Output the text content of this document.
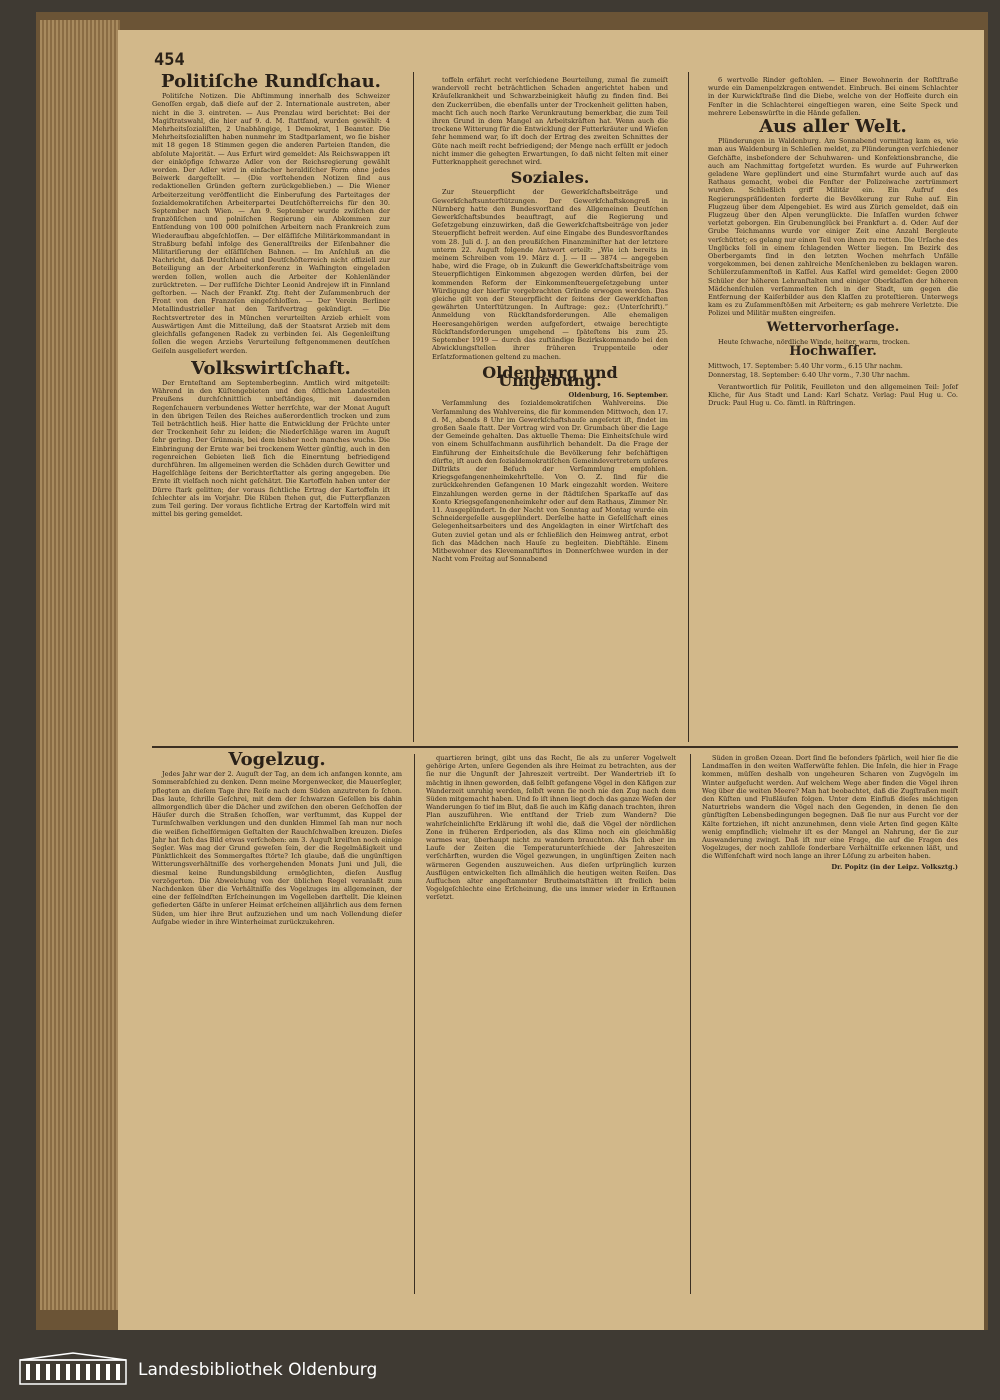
454
Politiſche Rundſchau.

Politiſche Notizen. Die Abſtimmung innerhalb des Schweizer Genoſſen ergab, daß dieſe auf der 2. Internationale austreten, aber nicht in die 3. eintreten. — Aus Prenzlau wird berichtet: Bei der Magiſtratswahl, die hier auf 9. d. M. ſtattfand, wurden gewählt: 4 Mehrheitsſozialiſten, 2 Unabhängige, 1 Demokrat, 1 Beamter. Die Mehrheitsſozialiſten haben nunmehr im Stadtparlament, wo ſie bisher mit 18 gegen 18 Stimmen gegen die anderen Parteien ſtanden, die abſolute Majorität. — Aus Erfurt wird gemeldet: Als Reichswappen iſt der einköpfige ſchwarze Adler von der Reichsregierung gewählt worden. Der Adler wird in einfacher heraldiſcher Form ohne jedes Beiwerk dargeſtellt. — (Die vorſtehenden Notizen ſind aus redaktionellen Gründen geſtern zurückgeblieben.) — Die Wiener Arbeiterzeitung veröffentlicht die Einberufung des Parteitages der ſozialdemokratiſchen Arbeiterpartei Deutſchöſterreichs für den 30. September nach Wien. — Am 9. September wurde zwiſchen der franzöſiſchen und polniſchen Regierung ein Abkommen zur Entſendung von 100 000 polniſchen Arbeitern nach Frankreich zum Wiederaufbau abgeſchloſſen. — Der elſäſſiſche Militärkommandant in Straßburg befahl infolge des Generalſtreiks der Eiſenbahner die Militariſierung der elſäſſiſchen Bahnen. — Im Anſchluß an die Nachricht, daß Deutſchland und Deutſchöſterreich nicht offiziell zur Beteiligung an der Arbeiterkonferenz in Waſhington eingeladen werden ſollen, wollen auch die Arbeiter der Kohlenländer zurücktreten. — Der ruſſiſche Dichter Leonid Andrejew iſt in Finnland geſtorben. — Nach der Frankf. Ztg. ſteht der Zuſammenbruch der Front von den Franzoſen eingeſchloſſen. — Der Verein Berliner Metallindustrieller hat den Tarifvertrag gekündigt. — Die Rechtsvertreter des in München verurteilten Arzieb erhielt vom Auswärtigen Amt die Mitteilung, daß der Staatsrat Arzieb mit dem gleichfalls gefangenen Radek zu verbinden ſei. Als Gegenleiſtung ſollen die wegen Arziebs Verurteilung feſtgenommenen deutſchen Geiſeln ausgeliefert werden.

Volkswirtſchaft.

Der Ernteſtand am Septemberbeginn. Amtlich wird mitgeteilt: Während in den Küſtengebieten und den öſtlichen Landesteilen Preußens durchſchnittlich unbeſtändiges, mit dauernden Regenſchauern verbundenes Wetter herrſchte, war der Monat Auguſt in den übrigen Teilen des Reiches außerordentlich trocken und zum Teil beträchtlich heiß. Hier hatte die Entwicklung der Früchte unter der Trockenheit ſehr zu leiden; die Niederſchläge waren im Auguſt ſehr gering. Der Grünmais, bei dem bisher noch manches wuchs. Die Einbringung der Ernte war bei trockenem Wetter günſtig, auch in den regenreichen Gebieten ließ ſich die Einerntung befriedigend durchführen. Im allgemeinen werden die Schäden durch Gewitter und Hagelſchläge ſeitens der Berichterſtatter als gering angegeben. Die Ernte iſt vielfach noch nicht geſchätzt. Die Kartoffeln haben unter der Dürre ſtark gelitten; der voraus ſichtliche Ertrag der Kartoffeln iſt ſchlechter als im Vorjahr. Die Rüben ſtehen gut, die Futterpflanzen zum Teil gering. Der voraus ſichtliche Ertrag der Kartoffeln wird mit mittel bis gering gemeldet.

toffeln erfährt recht verſchiedene Beurteilung, zumal ſie zumeiſt wandervoll recht beträchtlichen Schaden angerichtet haben und Kräuſelkrankheit und Schwarzbeinigkeit häufig zu finden ſind. Bei den Zuckerrüben, die ebenfalls unter der Trockenheit gelitten haben, macht ſich auch noch ſtarke Verunkrautung bemerkbar, die zum Teil ihren Grund in dem Mangel an Arbeitskräften hat. Wenn auch die trockene Witterung für die Entwicklung der Futterkräuter und Wieſen ſehr hemmend war, ſo iſt doch der Ertrag des zweiten Schnittes der Güte nach meiſt recht befriedigend; der Menge nach erfüllt er jedoch nicht immer die gehegten Erwartungen, ſo daß nicht ſelten mit einer Futterknappheit gerechnet wird.

Soziales.

Zur Steuerpflicht der Gewerkſchaftsbeiträge und Gewerkſchaftsunterſtützungen. Der Gewerkſchaftskongreß in Nürnberg hatte den Bundesvorſtand des Allgemeinen Deutſchen Gewerkſchaftsbundes beauftragt, auf die Regierung und Geſetzgebung einzuwirken, daß die Gewerkſchaftsbeiträge von jeder Steuerpflicht befreit werden. Auf eine Eingabe des Bundesvorſtandes vom 28. Juli d. J. an den preußiſchen Finanzminiſter hat der letztere unterm 22. Auguſt folgende Antwort erteilt: „Wie ich bereits in meinem Schreiben vom 19. März d. J. — II — 3874 — angegeben habe, wird die Frage, ob in Zukunft die Gewerkſchaftsbeiträge vom Steuerpflichtigen Einkommen abgezogen werden dürfen, bei der kommenden Reform der Einkommenſteuergeſetzgebung unter Würdigung der hierfür vorgebrachten Gründe erwogen werden. Das gleiche gilt von der Steuerpflicht der ſeitens der Gewerkſchaften gewährten Unterſtützungen. In Auftrage: gez.: (Unterſchrift).“ Anmeldung von Rückſtandsforderungen. Alle ehemaligen Heeresangehörigen werden aufgefordert, etwaige berechtigte Rückſtandsforderungen umgehend — ſpäteſtens bis zum 25. September 1919 — durch das zuſtändige Bezirkskommando bei den Abwicklungsſtellen ihrer früheren Truppenteile oder Erſatzformationen geltend zu machen.

Oldenburg und Umgebung.
Oldenburg, 16. September.

Verſammlung des ſozialdemokratiſchen Wahlvereins. Die Verſammlung des Wahlvereins, die für kommenden Mittwoch, den 17. d. M., abends 8 Uhr im Gewerkſchaftshauſe angeſetzt iſt, findet im großen Saale ſtatt. Der Vortrag wird von Dr. Grumbach über die Lage der Gemeinde gehalten. Das aktuelle Thema: Die Einheitsſchule wird von einem Schulfachmann ausführlich behandelt. Da die Frage der Einführung der Einheitsſchule die Bevölkerung ſehr beſchäftigen dürfte, iſt auch den ſozialdemokratiſchen Gemeindevertretern unſeres Diſtrikts der Beſuch der Verſammlung empfohlen. Kriegsgefangenenheimkehrſtelle. Von O. Z. ſind für die zurückkehrenden Gefangenen 10 Mark eingezahlt worden. Weitere Einzahlungen werden gerne in der ſtädtiſchen Sparkaſſe auf das Konto Kriegsgefangenenheimkehr oder auf dem Rathaus, Zimmer Nr. 11. Ausgeplündert. In der Nacht von Sonntag auf Montag wurde ein Schneidergeſelle ausgeplündert. Derſelbe hatte in Geſellſchaft eines Gelegenheitsarbeiters und des Angeklagten in einer Wirtſchaft des Guten zuviel getan und als er ſchließlich den Heimweg antrat, erbot ſich das Mädchen nach Hauſe zu begleiten. Diebſtähle. Einem Mitbewohner des Klevemannſtiftes in Donnerſchwee wurden in der Nacht vom Freitag auf Sonnabend

6 wertvolle Rinder geſtohlen. — Einer Bewohnerin der Roſtſtraße wurde ein Damenpelzkragen entwendet. Einbruch. Bei einem Schlachter in der Kurwickſtraße ſind die Diebe, welche von der Hofſeite durch ein Fenſter in die Schlachterei eingeſtiegen waren, eine Seite Speck und mehrere Lebenswürſte in die Hände gefallen.

Aus aller Welt.

Plünderungen in Waldenburg. Am Sonnabend vormittag kam es, wie man aus Waldenburg in Schleſien meldet, zu Plünderungen verſchiedener Geſchäfte, insbeſondere der Schuhwaren- und Konfektionsbranche, die auch am Nachmittag fortgeſetzt wurden. Es wurde auf Fuhrwerken geladene Ware geplündert und eine Sturmfahrt wurde auch auf das Rathaus gemacht, wobei die Fenſter der Polizeiwache zertrümmert wurden. Schließlich griff Militär ein. Ein Aufruf des Regierungspräſidenten forderte die Bevölkerung zur Ruhe auf. Ein Flugzeug über dem Alpengebiet. Es wird aus Zürich gemeldet, daß ein Flugzeug über den Alpen verunglückte. Die Inſaſſen wurden ſchwer verletzt geborgen. Ein Grubenunglück bei Frankfurt a. d. Oder. Auf der Grube Teichmanns wurde vor einiger Zeit eine Anzahl Bergleute verſchüttet; es gelang nur einen Teil von ihnen zu retten. Die Urſache des Unglücks ſoll in einem ſchlagenden Wetter liegen. Im Bezirk des Oberbergamts ſind in den letzten Wochen mehrfach Unfälle vorgekommen, bei denen zahlreiche Menſchenleben zu beklagen waren. Schülerzuſammenſtoß in Kaſſel. Aus Kaſſel wird gemeldet: Gegen 2000 Schüler der höheren Lehranſtalten und einiger Oberklaſſen der höheren Mädchenſchulen verſammelten ſich in der Stadt, um gegen die Entfernung der Kaiſerbilder aus den Klaſſen zu proteſtieren. Unterwegs kam es zu Zuſammenſtößen mit Arbeitern; es gab mehrere Verletzte. Die Polizei und Militär mußten eingreifen.

Wettervorherſage.

Heute ſchwache, nördliche Winde, heiter, warm, trocken.

Hochwaſſer.
Mittwoch, 17. September: 5.40 Uhr vorm., 6.15 Uhr nachm.
Donnerstag, 18. September: 6.40 Uhr vorm., 7.30 Uhr nachm.

Verantwortlich für Politik, Feuilleton und den allgemeinen Teil: Joſef Kliche, für Aus Stadt und Land: Karl Schatz. Verlag: Paul Hug u. Co. Druck: Paul Hug u. Co. ſämtl. in Rüſtringen.

Vogelzug.

Jedes Jahr war der 2. Auguſt der Tag, an dem ich anfangen konnte, am Sommerabſchied zu denken. Denn meine Morgenwecker, die Mauerſegler, pflegten an dieſem Tage ihre Reiſe nach dem Süden anzutreten ſo ſchon. Das laute, ſchrille Geſchrei, mit dem der ſchwarzen Geſellen bis dahin allmorgendlich über die Dächer und zwiſchen den oberen Geſchoſſen der Häuſer durch die Straßen ſchoſſen, war verſtummt, das Kuppel der Turmſchwalben verklungen und den dunklen Himmel ſah man nur noch die weißen ſichelförmigen Geſtalten der Rauchſchwalben kreuzen. Dieſes Jahr hat ſich das Bild etwas verſchoben: am 3. Auguſt kreiſten noch einige Segler. Was mag der Grund geweſen ſein, der die Regelmäßigkeit und Pünktlichkeit des Sommergaſtes ſtörte? Ich glaube, daß die ungünſtigen Witterungsverhältniſſe des vorhergehenden Monats Juni und Juli, die diesmal keine Rundungsbildung ermöglichten, dieſen Ausflug verzögerten. Die Abweichung von der üblichen Regel veranlaßt zum Nachdenken über die Verhältniſſe des Vogelzuges im allgemeinen, der eine der feſſelndſten Erſcheinungen im Vogelleben darſtellt. Die kleinen gefiederten Gäſte in unſerer Heimat erſcheinen alljährlich aus dem fernen Süden, um hier ihre Brut aufzuziehen und um nach Vollendung dieſer Aufgabe wieder in ihre Winterheimat zurückzukehren.

quartieren bringt, gibt uns das Recht, ſie als zu unſerer Vogelwelt gehörige Arten, unſere Gegenden als ihre Heimat zu betrachten, aus der ſie nur die Ungunſt der Jahreszeit vertreibt. Der Wandertrieb iſt ſo mächtig in ihnen geworden, daß ſelbſt gefangene Vögel in den Käfigen zur Wanderzeit unruhig werden, ſelbſt wenn ſie noch nie den Zug nach dem Süden mitgemacht haben. Und ſo iſt ihnen liegt doch das ganze Weſen der Wanderungen ſo tief im Blut, daß ſie auch im Käfig danach trachten, ihren Plan auszuführen. Wie entſtand der Trieb zum Wandern? Die wahrſcheinlichſte Erklärung iſt wohl die, daß die Vögel der nördlichen Zone in früheren Erdperioden, als das Klima noch ein gleichmäßig warmes war, überhaupt nicht zu wandern brauchten. Als ſich aber im Laufe der Zeiten die Temperaturunterſchiede der Jahreszeiten verſchärften, wurden die Vögel gezwungen, in ungünſtigen Zeiten nach wärmeren Gegenden auszuweichen. Aus dieſen urſprünglich kurzen Ausflügen entwickelten ſich allmählich die heutigen weiten Reiſen. Das Aufſuchen alter angeſtammter Brutheimatsſtätten iſt freilich beim Vogelgeſchlechte eine Erſcheinung, die uns immer wieder in Erſtaunen verſetzt.

Süden in großen Ozean. Dort ſind ſie beſonders ſpärlich, weil hier ſie die Landmaſſen in den weiten Waſſerwüſte fehlen. Die Inſeln, die hier in Frage kommen, müſſen deshalb von ungeheuren Scharen von Zugvögeln im Winter aufgeſucht werden. Auf welchem Wege aber finden die Vögel ihren Weg über die weiten Meere? Man hat beobachtet, daß die Zugſtraßen meiſt den Küſten und Flußläufen folgen. Unter dem Einfluß dieſes mächtigen Naturtriebs wandern die Vögel nach den Gegenden, in denen ſie den günſtigſten Lebensbedingungen begegnen. Daß ſie nur aus Furcht vor der Kälte fortziehen, iſt nicht anzunehmen, denn viele Arten ſind gegen Kälte wenig empfindlich; vielmehr iſt es der Mangel an Nahrung, der ſie zur Auswanderung zwingt. Daß iſt nur eine Frage, die auf die Fragen des Vogelzuges, der noch zahlloſe ſonderbare Verhältniſſe erkennen läßt, und die Wiſſenſchaft wird noch lange an ihrer Löſung zu arbeiten haben.

Dr. Popitz (in der Leipz. Volksztg.)
Landesbibliothek Oldenburg
